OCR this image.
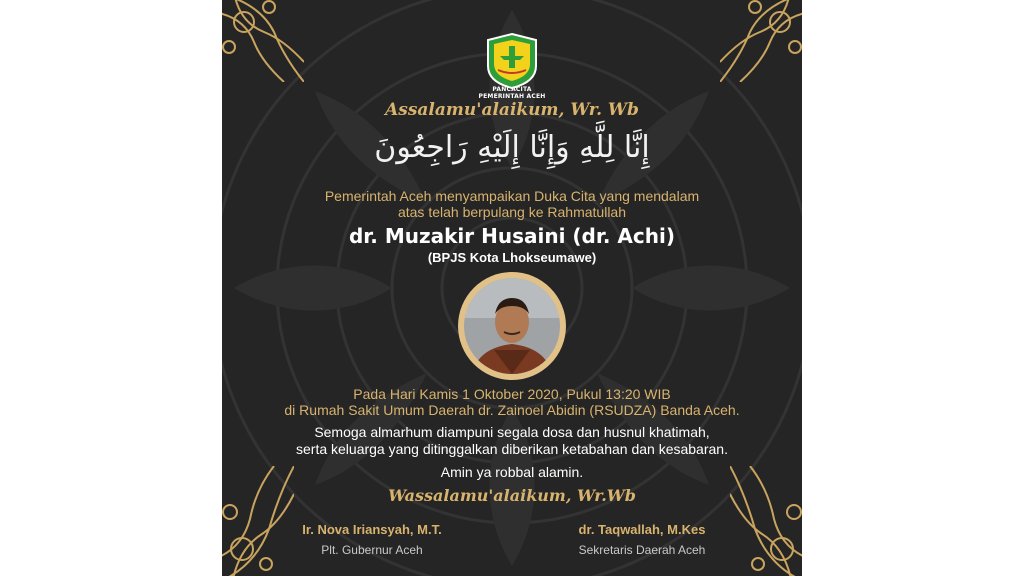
PANCACITA
PEMERINTAH ACEH
Assalamu'alaikum, Wr. Wb
إِنَّا لِلَّهِ وَإِنَّا إِلَيْهِ رَاجِعُونَ
Pemerintah Aceh menyampaikan Duka Cita yang mendalam
atas telah berpulang ke Rahmatullah
dr. Muzakir Husaini (dr. Achi)
(BPJS Kota Lhokseumawe)
Pada Hari Kamis 1 Oktober 2020, Pukul 13:20 WIB
di Rumah Sakit Umum Daerah dr. Zainoel Abidin (RSUDZA) Banda Aceh.
Semoga almarhum diampuni segala dosa dan husnul khatimah,
serta keluarga yang ditinggalkan diberikan ketabahan dan kesabaran.
Amin ya robbal alamin.
Wassalamu'alaikum, Wr.Wb
Ir. Nova Iriansyah, M.T.
Plt. Gubernur Aceh
dr. Taqwallah, M.Kes
Sekretaris Daerah Aceh
